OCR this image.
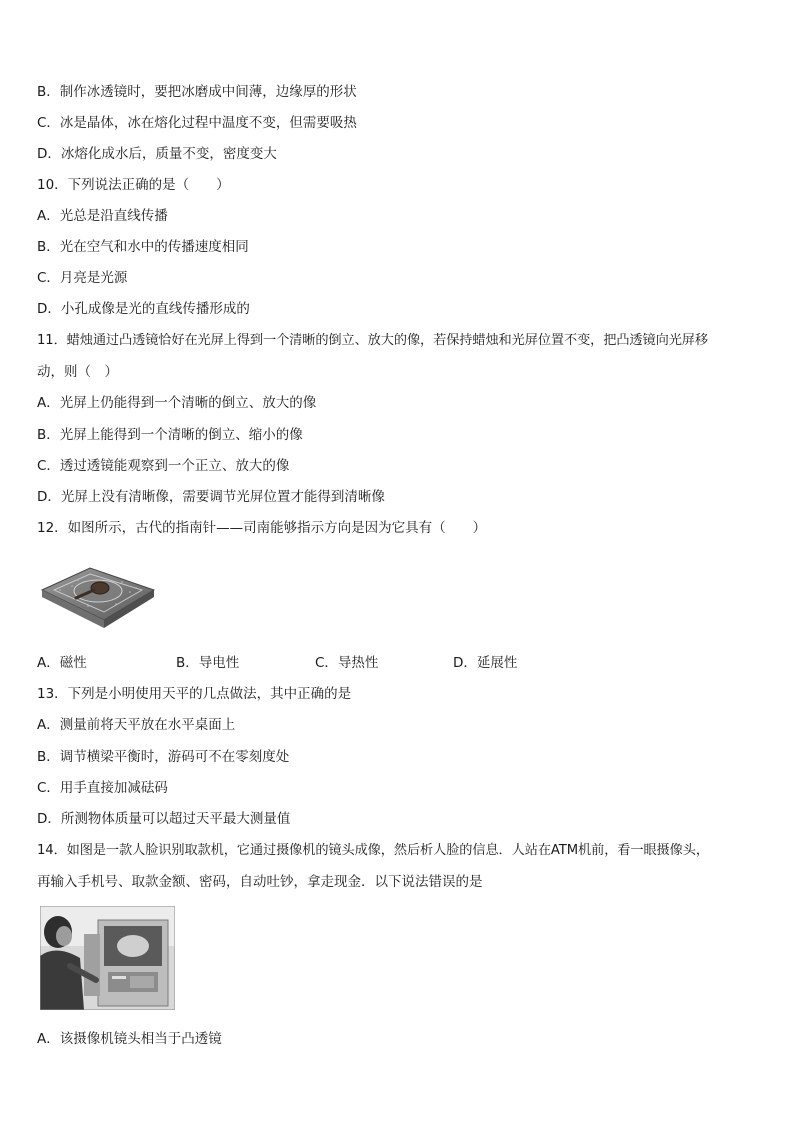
B．制作冰透镜时，要把冰磨成中间薄，边缘厚的形状
C．冰是晶体，冰在熔化过程中温度不变，但需要吸热
D．冰熔化成水后，质量不变，密度变大
10．下列说法正确的是（　　）
A．光总是沿直线传播
B．光在空气和水中的传播速度相同
C．月亮是光源
D．小孔成像是光的直线传播形成的
11．蜡烛通过凸透镜恰好在光屏上得到一个清晰的倒立、放大的像，若保持蜡烛和光屏位置不变，把凸透镜向光屏移
动，则（　）
A．光屏上仍能得到一个清晰的倒立、放大的像
B．光屏上能得到一个清晰的倒立、缩小的像
C．透过透镜能观察到一个正立、放大的像
D．光屏上没有清晰像，需要调节光屏位置才能得到清晰像
12．如图所示，古代的指南针——司南能够指示方向是因为它具有（　　）
A．磁性	B．导电性	C．导热性	D．延展性
13．下列是小明使用天平的几点做法，其中正确的是
A．测量前将天平放在水平桌面上
B．调节横梁平衡时，游码可不在零刻度处
C．用手直接加减砝码
D．所测物体质量可以超过天平最大测量值
14．如图是一款人脸识别取款机，它通过摄像机的镜头成像，然后析人脸的信息．人站在ATM机前，看一眼摄像头，
再输入手机号、取款金额、密码，自动吐钞，拿走现金．以下说法错误的是
A．该摄像机镜头相当于凸透镜
